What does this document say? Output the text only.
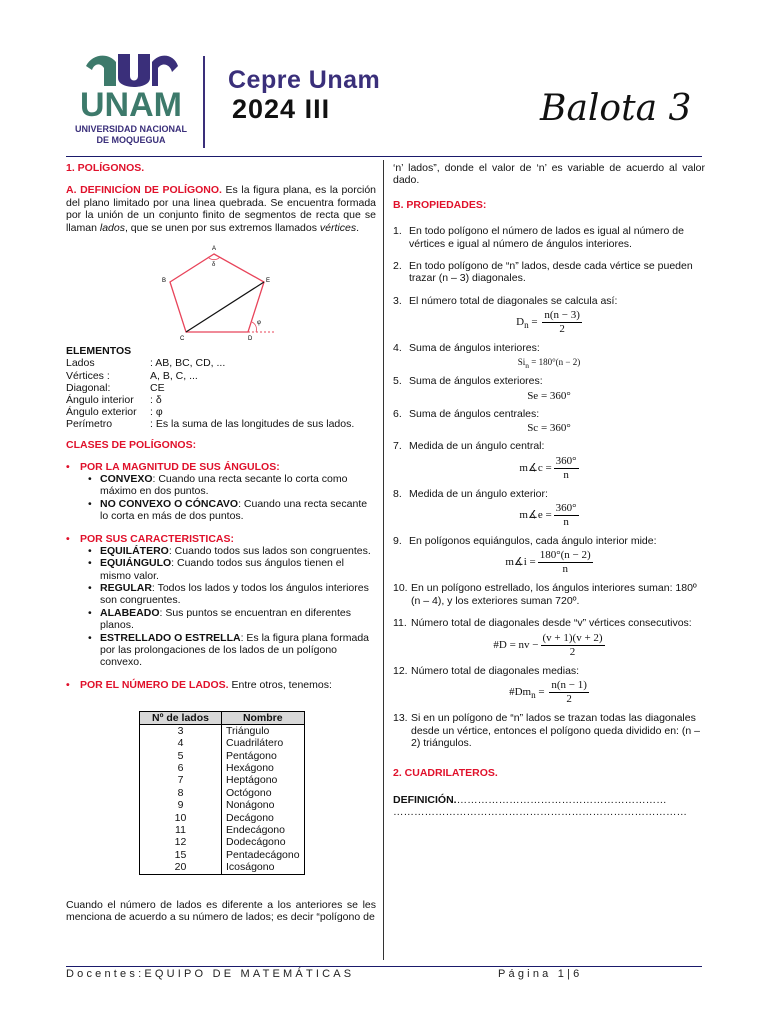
UNAM
UNIVERSIDAD NACIONAL
DE MOQUEGUA
Cepre Unam
2024 III	Balota 3

1. POLÍGONOS.

A. DEFINICÍON DE POLÍGONO. Es la figura plana, es la porción del plano limitado por una linea quebrada. Se encuentra formada por la unión de un conjunto finito de segmentos de recta que se llaman lados, que se unen por sus extremos llamados vértices.

A
B
C	D
E
δ
φ

ELEMENTOS

Lados	: AB, BC, CD, ...
Vértices :	A, B, C, ...
Diagonal:	CE
Ángulo interior	: δ
Ángulo exterior	: φ
Perímetro	: Es la suma de las longitudes de sus lados.

CLASES DE POLÍGONOS:

• POR LA MAGNITUD DE SUS ÁNGULOS:
• CONVEXO: Cuando una recta secante lo corta como máximo en dos puntos.
• NO CONVEXO O CÓNCAVO: Cuando una recta secante lo corta en más de dos puntos.
• POR SUS CARACTERISTICAS:
• EQUILÁTERO: Cuando todos sus lados son congruentes.
• EQUIÁNGULO: Cuando todos sus ángulos tienen el mismo valor.
• REGULAR: Todos los lados y todos los ángulos interiores son congruentes.
• ALABEADO: Sus puntos se encuentran en diferentes planos.
• ESTRELLADO O ESTRELLA: Es la figura plana formada por las prolongaciones de los lados de un polígono convexo.
• POR EL NÚMERO DE LADOS. Entre otros, tenemos:
Nº de lados	Nombre
3	Triángulo
4	Cuadrilátero
5	Pentágono
6	Hexágono
7	Heptágono
8	Octógono
9	Nonágono
10	Decágono
11	Endecágono
12	Dodecágono
15	Pentadecágono
20	Icoságono

Cuando el número de lados es diferente a los anteriores se les menciona de acuerdo a su número de lados; es decir “polígono de

‘n’ lados”, donde el valor de ‘n’ es variable de acuerdo al valor dado.

B. PROPIEDADES:

1. En todo polígono el número de lados es igual al número de vértices e igual al número de ángulos interiores.
2. En todo polígono de “n” lados, desde cada vértice se pueden trazar (n – 3) diagonales.
3. El número total de diagonales se calcula así:
$D_n = \frac{n(n - 3)}{2}$
4. Suma de ángulos interiores:
$Si_n = 180^\circ(n - 2)$
5. Suma de ángulos exteriores:
Se = 360°
6. Suma de ángulos centrales:
Sc = 360°
7. Medida de un ángulo central:
m∡c = $\frac{360^\circ}{n}$
8. Medida de un ángulo exterior:
m∡e = $\frac{360^\circ}{n}$
9. En polígonos equiángulos, cada ángulo interior mide:
m∡i = $\frac{180^\circ(n - 2)}{n}$
10. En un polígono estrellado, los ángulos interiores suman: 180º (n – 4), y los exteriores suman 720º.
11. Número total de diagonales desde “v” vértices consecutivos:
#D = nv − $\frac{(v + 1)(v + 2)}{2}$
12. Número total de diagonales medias:
$\#Dm_n = \frac{n(n - 1)}{2}$
13. Si en un polígono de “n” lados se trazan todas las diagonales desde un vértice, entonces el polígono queda dividido en: (n – 2) triángulos.

2. CUADRILATEROS.

DEFINICIÓN.……………………………………………………

…………………………………………………………………………

Docentes:EQUIPO DE MATEMÁTICAS	Página 1|6
